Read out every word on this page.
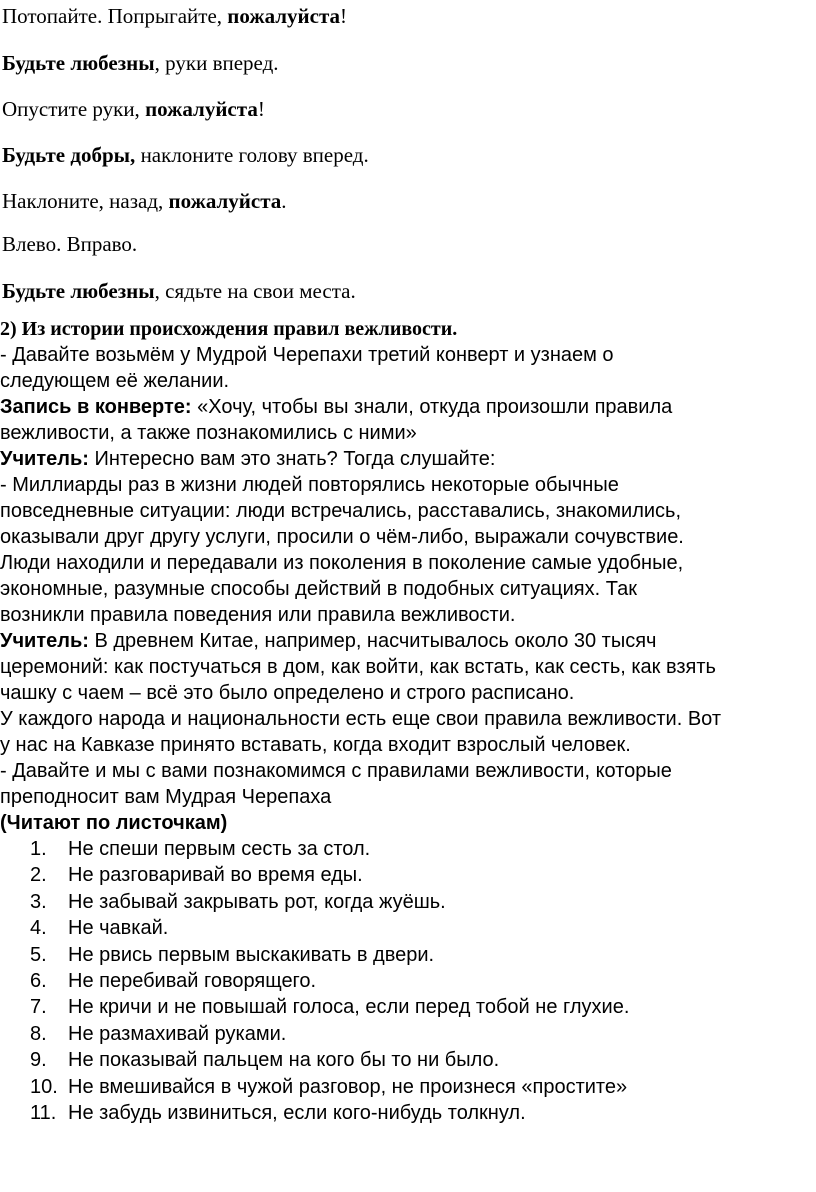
Потопайте. Попрыгайте, пожалуйста!
Будьте любезны, руки вперед.
Опустите руки, пожалуйста!
Будьте добры, наклоните голову вперед.
Наклоните, назад, пожалуйста.
Влево. Вправо.
Будьте любезны, сядьте на свои места.

2) Из истории происхождения правил вежливости.

- Давайте возьмём у Мудрой Черепахи третий конверт и узнаем о

следующем её желании.

Запись в конверте: «Хочу, чтобы вы знали, откуда произошли правила

вежливости, а также познакомились с ними»

Учитель: Интересно вам это знать? Тогда слушайте:

- Миллиарды раз в жизни людей повторялись некоторые обычные

повседневные ситуации: люди встречались, расставались, знакомились,

оказывали друг другу услуги, просили о чём-либо, выражали сочувствие.

Люди находили и передавали из поколения в поколение самые удобные,

экономные, разумные способы действий в подобных ситуациях. Так

возникли правила поведения или правила вежливости.

Учитель: В древнем Китае, например, насчитывалось около 30 тысяч

церемоний: как постучаться в дом, как войти, как встать, как сесть, как взять

чашку с чаем – всё это было определено и строго расписано.

У каждого народа и национальности есть еще свои правила вежливости. Вот

у нас на Кавказе принято вставать, когда входит взрослый человек.

- Давайте и мы с вами познакомимся с правилами вежливости, которые

преподносит вам Мудрая Черепаха

(Читают по листочкам)

1.	Не спеши первым сесть за стол.
2.	Не разговаривай во время еды.
3.	Не забывай закрывать рот, когда жуёшь.
4.	Не чавкай.
5.	Не рвись первым выскакивать в двери.
6.	Не перебивай говорящего.
7.	Не кричи и не повышай голоса, если перед тобой не глухие.
8.	Не размахивай руками.
9.	Не показывай пальцем на кого бы то ни было.
10. Не вмешивайся в чужой разговор, не произнеся «простите»
11. Не забудь извиниться, если кого-нибудь толкнул.
